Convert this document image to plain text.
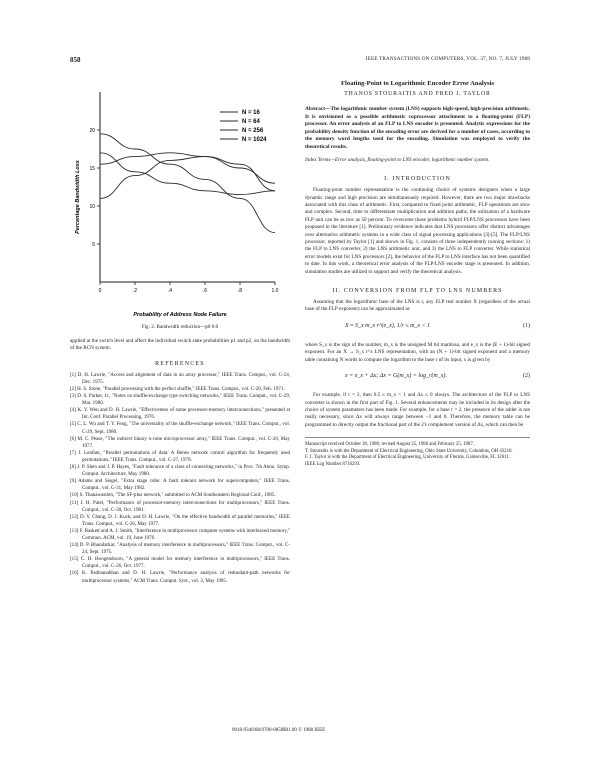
858	IEEE TRANSACTIONS ON COMPUTERS, VOL. 37, NO. 7, JULY 1988
Percentage Bandwidth Loss
Probability of Address Node Failure
20
15
10
5
0	.2	.4	.6	.8	1.0
N = 16
N = 64
N = 256
N = 1024

Fig. 2. Bandwidth reduction—p0 0.0

applied at the switch level and affect the individual switch state probabilities p1 and p2, on the bandwidth of the RCN system.

REFERENCES
[1] D. H. Lawrie, "Access and alignment of data in an array processor," IEEE Trans. Comput., vol. C-24, Dec. 1975.
[2] H. S. Stone, "Parallel processing with the perfect shuffle," IEEE Trans. Comput., vol. C-20, Feb. 1971.
[3] D. S. Parker, Jr., "Notes on shuffle/exchange type switching networks," IEEE Trans. Comput., vol. C-29, Mar. 1980.
[4] K. Y. Wen and D. H. Lawrie, "Effectiveness of some processor-memory interconnections," presented at Int. Conf. Parallel Processing, 1976.
[5] C. L. Wu and T. Y. Feng, "The universality of the shuffle-exchange network," IEEE Trans. Comput., vol. C-29, Sept. 1980.
[6] M. C. Pease, "The indirect binary n-cube microprocessor array," IEEE Trans. Comput., vol. C-26, May 1977.
[7] J. Lenfant, "Parallel permutations of data: A Benes network control algorithm for frequently used permutations," IEEE Trans. Comput., vol. C-27, 1978.
[8] J. P. Shen and J. P. Hayes, "Fault tolerance of a class of connecting networks," in Proc. 7th Annu. Symp. Comput. Architecture, May 1980.
[9] Adams and Siegel, "Extra stage cube: A fault tolerant network for supercomputers," IEEE Trans. Comput., vol. C-31, May 1982.
[10] S. Thanawastien, "The SF-plus network," submitted to ACM Southeastern Regional Conf., 1985.
[11] J. H. Patel, "Performance of processor-memory interconnections for multiprocessors," IEEE Trans. Comput., vol. C-30, Oct. 1981.
[12] D. Y. Chang, D. J. Kuck, and D. H. Lawrie, "On the effective bandwidth of parallel memories," IEEE Trans. Comput., vol. C-26, May 1977.
[13] F. Baskett and A. J. Smith, "Interference in multiprocessor computer systems with interleaved memory," Commun. ACM, vol. 19, June 1976.
[14] D. P. Bhandarkar, "Analysis of memory interference in multiprocessors," IEEE Trans. Comput., vol. C-24, Sept. 1975.
[15] C. H. Hoogendoorn, "A general model for memory interference in multiprocessors," IEEE Trans. Comput., vol. C-26, Oct. 1977.
[16] K. Padmanabhan and D. H. Lawrie, "Performance analysis of redundant-path networks for multiprocessor systems," ACM Trans. Comput. Syst., vol. 3, May 1985.
Floating-Point to Logarithmic Encoder Error Analysis
THANOS STOURAITIS AND FRED J. TAYLOR

Abstract—The logarithmic number system (LNS) supports high-speed, high-precision arithmetic. It is envisioned as a possible arithmetic coprocessor attachment to a floating-point (FLP) processor. An error analysis of an FLP to LNS encoder is presented. Analytic expressions for the probability density function of the encoding error are derived for a number of cases, according to the memory word lengths used for the encoding. Simulation was employed to verify the theoretical results.

Index Terms—Error analysis, floating-point to LNS encoder, logarithmic number system.

I. INTRODUCTION

Floating-point number representation is the continuing choice of systems designers when a large dynamic range and high precision are simultaneously required. However, there are two major drawbacks associated with this class of arithmetic. First, compared to fixed point arithmetic, FLP operations are slow and complex. Second, time to differentiate multiplication and addition paths, the utilization of a hardware FLP unit can be as low as 50 percent. To overcome these problems hybrid FLP/LNS processors have been proposed in the literature [1]. Preliminary evidence indicates that LNS processors offer distinct advantages over alternative arithmetic systems in a wide class of signal processing applications [3]-[5]. The FLP/LNS processor, reported by Taylor [1] and shown in Fig. 1, consists of three independently running sections: 1) the FLP to LNS converter, 2) the LNS arithmetic unit, and 3) the LNS to FLP converter. While statistical error models exist for LNS processors [2], the behavior of the FLP to LNS interface has not been quantified to date. In this work, a theoretical error analysis of the FLP/LNS encoder stage is presented. In addition, simulation studies are utilized to support and verify the theoretical analysis.

II. CONVERSION FROM FLP TO LNS NUMBERS

Assuming that the logarithmic base of the LNS is r, any FLP real number X (regardless of the actual base of the FLP exponent) can be approximated as

X ≈ S_x m_x r^(e_x), 1/r ≤ m_x < 1	(1)

where S_x is the sign of the number, m_x is the unsigned M bit mantissa, and e_x is the (E + 1)-bit signed exponent. For an X → S_x r^x LNS representation, with an (N + 1)-bit signed exponent and a memory table containing N words to compute the logarithm to the base r of its input, x is given by

x = e_x + Δx; Δx = G(m_x) = log_r(m_x).	(2)

For example, if r = 2, then 0.5 ≤ m_x < 1 and Δx ≤ 0 always. The architecture of the FLP to LNS converter is shown in the first part of Fig. 1. Several enhancements may be included in its design after the choice of system parameters has been made. For example, for a base r = 2, the presence of the adder is not really necessary, since Δx will always range between −1 and 0. Therefore, the memory table can be programmed to directly output the fractional part of the 2's complement version of Δx, which can then be

Manuscript received October 30, 1986; revised August 25, 1986 and February 25, 1987.

T. Stouraitis is with the Department of Electrical Engineering, Ohio State University, Columbus, OH 43210.

F. J. Taylor is with the Department of Electrical Engineering, University of Florida, Gainesville, FL 32611.

IEEE Log Number 8716293.

0018-9340/88/0700-0858$01.00 © 1988 IEEE
